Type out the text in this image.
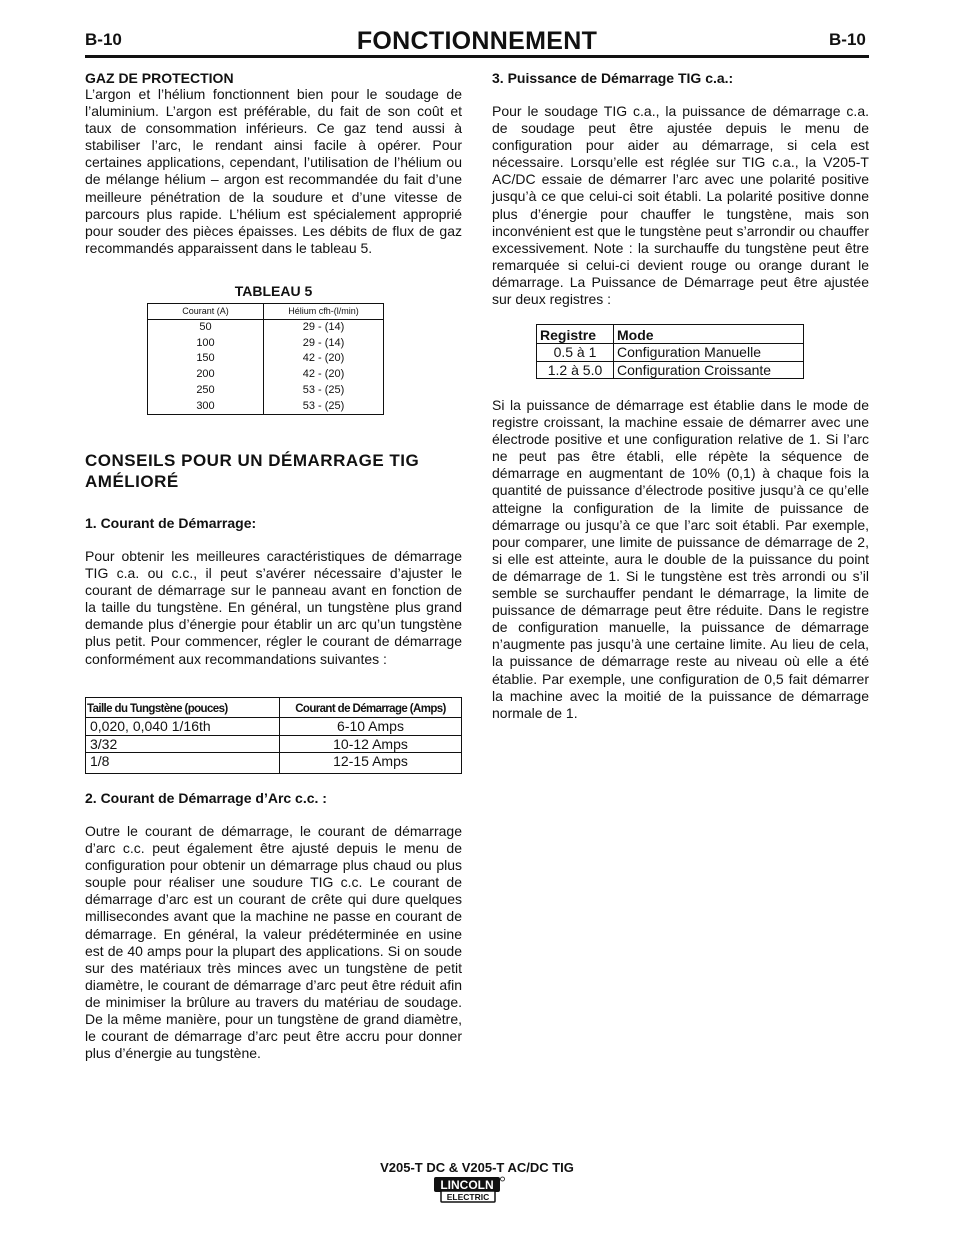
B-10	FONCTIONNEMENT	B-10
GAZ DE PROTECTION

L’argon et l’hélium fonctionnent bien pour le soudage de l’aluminium. L’argon est préférable, du fait de son coût et taux de consommation inférieurs. Ce gaz tend aussi à stabiliser l’arc, le rendant ainsi facile à opérer. Pour certaines applications, cependant, l’utilisation de l’hélium ou de mélange hélium – argon est recommandée du fait d’une meilleure pénétration de la soudure et d’une vitesse de parcours plus rapide. L’hélium est spécialement approprié pour souder des pièces épaisses. Les débits de flux de gaz recommandés apparaissent dans le tableau 5.

TABLEAU 5
Courant (A)	Hélium cfh-(l/min)
50	29 - (14)
100	29 - (14)
150	42 - (20)
200	42 - (20)
250	53 - (25)
300	53 - (25)
CONSEILS POUR UN DÉMARRAGE TIG AMÉLIORÉ
1. Courant de Démarrage:

Pour obtenir les meilleures caractéristiques de démarrage TIG c.a. ou c.c., il peut s’avérer nécessaire d’ajuster le courant de démarrage sur le panneau avant en fonction de la taille du tungstène. En général, un tungstène plus grand demande plus d’énergie pour établir un arc qu’un tungstène plus petit. Pour commencer, régler le courant de démarrage conformément aux recommandations suivantes :

Taille du Tungstène (pouces)	Courant de Démarrage (Amps)
0,020, 0,040 1/16th	6-10 Amps
3/32	10-12 Amps
1/8	12-15 Amps
2. Courant de Démarrage d’Arc c.c. :

Outre le courant de démarrage, le courant de démarrage d’arc c.c. peut également être ajusté depuis le menu de configuration pour obtenir un démarrage plus chaud ou plus souple pour réaliser une soudure TIG c.c. Le courant de démarrage d’arc est un courant de crête qui dure quelques millisecondes avant que la machine ne passe en courant de démarrage. En général, la valeur prédéterminée en usine est de 40 amps pour la plupart des applications. Si on soude sur des matériaux très minces avec un tungstène de petit diamètre, le courant de démarrage d’arc peut être réduit afin de minimiser la brûlure au travers du matériau de soudage. De la même manière, pour un tungstène de grand diamètre, le courant de démarrage d’arc peut être accru pour donner plus d’énergie au tungstène.

3. Puissance de Démarrage TIG c.a.:

Pour le soudage TIG c.a., la puissance de démarrage c.a. de soudage peut être ajustée depuis le menu de configuration pour aider au démarrage, si cela est nécessaire. Lorsqu’elle est réglée sur TIG c.a., la V205-T AC/DC essaie de démarrer l’arc avec une polarité positive jusqu’à ce que celui-ci soit établi. La polarité positive donne plus d’énergie pour chauffer le tungstène, mais son inconvénient est que le tungstène peut s’arrondir ou chauffer excessivement. Note : la surchauffe du tungstène peut être remarquée si celui-ci devient rouge ou orange durant le démarrage. La Puissance de Démarrage peut être ajustée sur deux registres :

Registre	Mode
0.5 à 1	Configuration Manuelle
1.2 à 5.0	Configuration Croissante

Si la puissance de démarrage est établie dans le mode de registre croissant, la machine essaie de démarrer avec une électrode positive et une configuration relative de 1. Si l’arc ne peut pas être établi, elle répète la séquence de démarrage en augmentant de 10% (0,1) à chaque fois la quantité de puissance d’électrode positive jusqu’à ce qu’elle atteigne la configuration de la limite de puissance de démarrage ou jusqu’à ce que l’arc soit établi. Par exemple, pour comparer, une limite de puissance de démarrage de 2, si elle est atteinte, aura le double de la puissance du point de démarrage de 1. Si le tungstène est très arrondi ou s’il semble se surchauffer pendant le démarrage, la limite de puissance de démarrage peut être réduite. Dans le registre de configuration manuelle, la puissance de démarrage n’augmente pas jusqu’à une certaine limite. Au lieu de cela, la puissance de démarrage reste au niveau où elle a été établie. Par exemple, une configuration de 0,5 fait démarrer la machine avec la moitié de la puissance de démarrage normale de 1.

V205-T DC & V205-T AC/DC TIG
LINCOLN
ELECTRIC
